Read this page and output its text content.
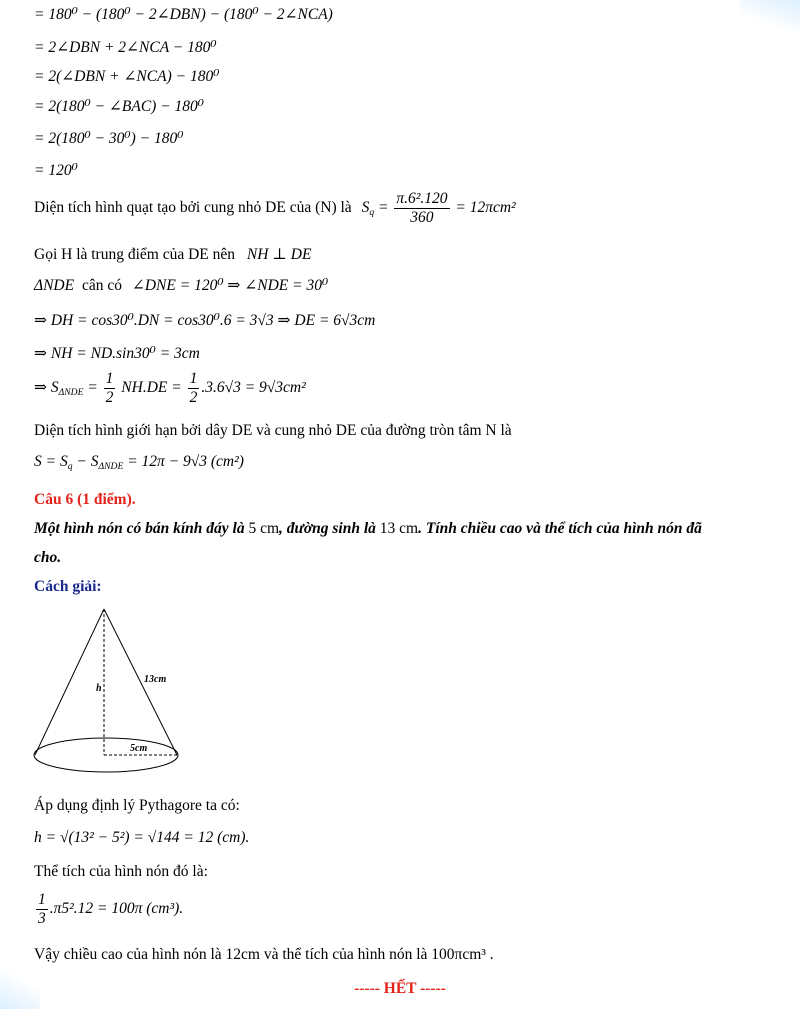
= 180⁰ − (180⁰ − 2∠DBN) − (180⁰ − 2∠NCA)
= 2∠DBN + 2∠NCA − 180⁰
= 2(∠DBN + ∠NCA) − 180⁰
= 2(180⁰ − ∠BAC) − 180⁰
= 2(180⁰ − 30⁰) − 180⁰
= 120⁰
Diện tích hình quạt tạo bởi cung nhỏ DE của (N) là $S_q = \frac{\text{π.6².120}}{360} = 12\pi cm^2$
Gọi H là trung điểm của DE nên NH ⊥ DE
ΔNDE cân có ∠DNE = 120⁰ ⇒ ∠NDE = 30⁰
⇒ DH = cos30⁰.DN = cos30⁰.6 = 3√3 ⇒ DE = 6√3cm
⇒ NH = ND.sin30⁰ = 3cm
⇒ $S_{\Delta NDE} = \frac{1}{2} NH.DE = \frac{1}{2} .3.6√3 = 9√3cm^2$
Diện tích hình giới hạn bởi dây DE và cung nhỏ DE của đường tròn tâm N là
$S = S_q - S_{\Delta NDE} = 12\pi - 9√3$ (cm²)
Câu 6 (1 điểm).
Một hình nón có bán kính đáy là 5 cm, đường sinh là 13 cm. Tính chiều cao và thể tích của hình nón đã
cho.
Cách giải:
h
13cm
5cm
Áp dụng định lý Pythagore ta có:
h = √(13² − 5²) = √144 = 12 (cm).
Thể tích của hình nón đó là:
$\frac{1}{3} .\pi 5^2.12 = 100\pi$ (cm³).
Vậy chiều cao của hình nón là 12cm và thể tích của hình nón là 100πcm³ .
----- HẾT -----
